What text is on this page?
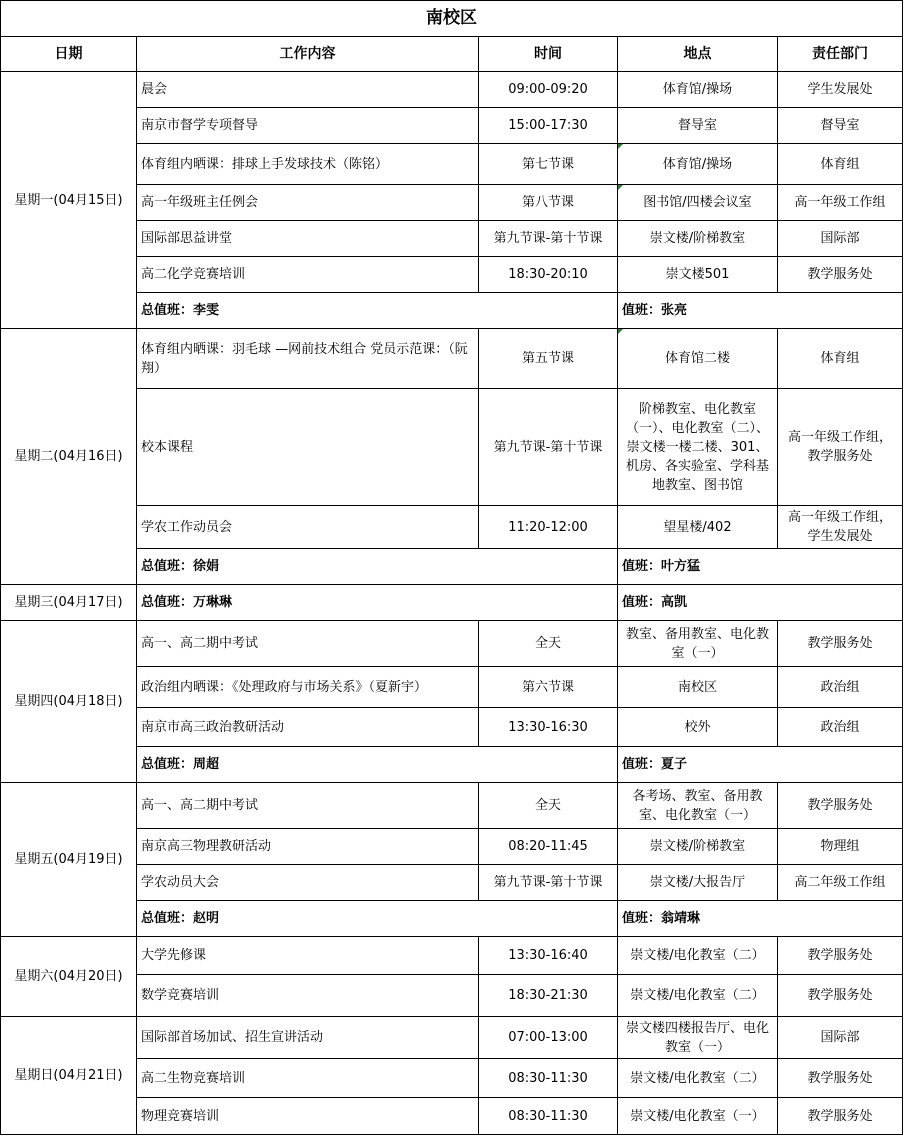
南校区				
日期	工作内容	时间	地点	责任部门
星期一(04月15日)	晨会	09:00-09:20	体育馆/操场	学生发展处
	南京市督学专项督导	15:00-17:30	督导室	督导室
	体育组内晒课：排球上手发球技术（陈铭）	第七节课	体育馆/操场	体育组
	高一年级班主任例会	第八节课	图书馆/四楼会议室	高一年级工作组
	国际部思益讲堂	第九节课-第十节课	崇文楼/阶梯教室	国际部
	高二化学竞赛培训	18:30-20:10	崇文楼501	教学服务处
	总值班：李雯		值班：张亮	
星期二(04月16日)	体育组内晒课：羽毛球 —网前技术组合 党员示范课：（阮翔）	第五节课	体育馆二楼	体育组
	校本课程	第九节课-第十节课	阶梯教室、电化教室（一）、电化教室（二）、崇文楼一楼二楼、301、机房、各实验室、学科基地教室、图书馆	高一年级工作组，教学服务处
	学农工作动员会	11:20-12:00	望星楼/402	高一年级工作组，学生发展处
	总值班：徐娟		值班：叶方猛	
星期三(04月17日)	总值班：万琳琳		值班：高凯	
星期四(04月18日)	高一、高二期中考试	全天	教室、备用教室、电化教室（一）	教学服务处
	政治组内晒课：《处理政府与市场关系》（夏新宇）	第六节课	南校区	政治组
	南京市高三政治教研活动	13:30-16:30	校外	政治组
	总值班：周超		值班：夏子	
星期五(04月19日)	高一、高二期中考试	全天	各考场、教室、备用教室、电化教室（一）	教学服务处
	南京高三物理教研活动	08:20-11:45	崇文楼/阶梯教室	物理组
	学农动员大会	第九节课-第十节课	崇文楼/大报告厅	高二年级工作组
	总值班：赵明		值班：翁靖琳	
星期六(04月20日)	大学先修课	13:30-16:40	崇文楼/电化教室（二）	教学服务处
	数学竞赛培训	18:30-21:30	崇文楼/电化教室（二）	教学服务处
星期日(04月21日)	国际部首场加试、招生宣讲活动	07:00-13:00	崇文楼四楼报告厅、电化教室（一）	国际部
	高二生物竞赛培训	08:30-11:30	崇文楼/电化教室（二）	教学服务处
	物理竞赛培训	08:30-11:30	崇文楼/电化教室（一）	教学服务处
